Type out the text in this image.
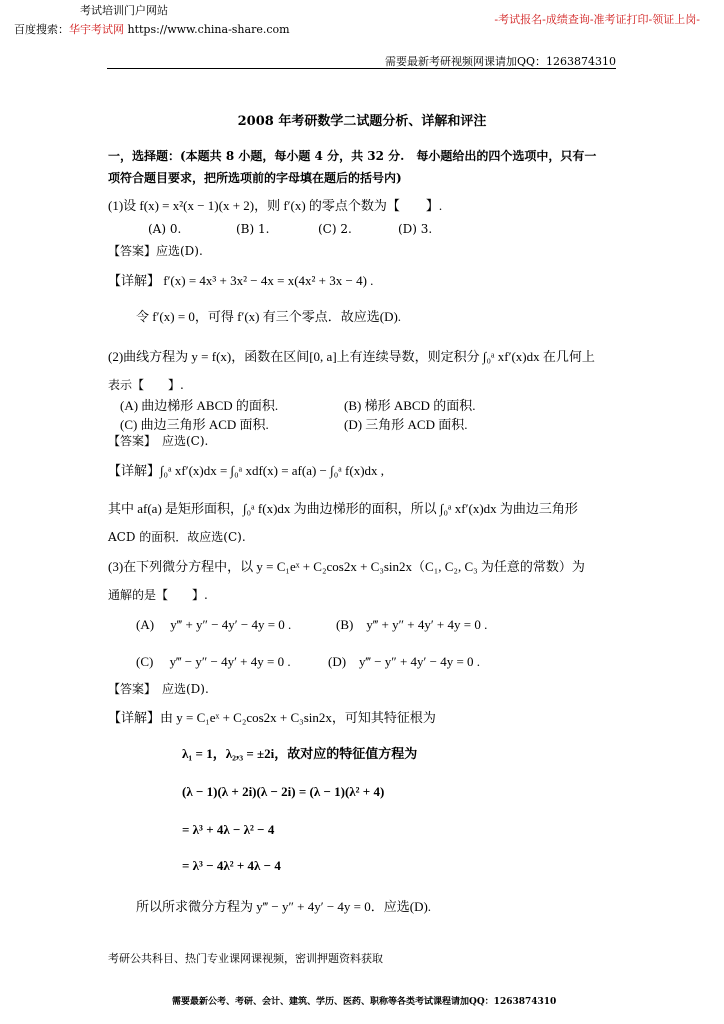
考试培训门户网站
百度搜索：华宇考试网 https://www.china-share.com
-考试报名-成绩查询-准考证打印-领证上岗-
需要最新考研视频网课请加QQ：1263874310
2008 年考研数学二试题分析、详解和评注
一，选择题：(本题共 8 小题，每小题 4 分，共 32 分.　每小题给出的四个选项中，只有一
项符合题目要求，把所选项前的字母填在题后的括号内)
(1)设 f(x) = x²(x − 1)(x + 2)，则 f′(x) 的零点个数为【　　】.
(A) 0.	(B) 1.	(C) 2.	(D) 3.
【答案】应选(D).
【详解】 f′(x) = 4x³ + 3x² − 4x = x(4x² + 3x − 4) .
令 f′(x) = 0，可得 f′(x) 有三个零点．故应选(D).
(2)曲线方程为 y = f(x)，函数在区间[0, a]上有连续导数，则定积分 ∫₀ᵃ xf′(x)dx 在几何上
表示【　　】.
(A) 曲边梯形 ABCD 的面积.	(B) 梯形 ABCD 的面积.
(C) 曲边三角形 ACD 面积.	(D) 三角形 ACD 面积.
【答案】　应选(C).
【详解】∫₀ᵃ xf′(x)dx = ∫₀ᵃ xdf(x) = af(a) − ∫₀ᵃ f(x)dx ,
其中 af(a) 是矩形面积，∫₀ᵃ f(x)dx 为曲边梯形的面积，所以 ∫₀ᵃ xf′(x)dx 为曲边三角形
ACD 的面积．故应选(C).
(3)在下列微分方程中，以 y = C₁eˣ + C₂cos2x + C₃sin2x（C₁, C₂, C₃ 为任意的常数）为
通解的是【　　】.
(A)　 y‴ + y″ − 4y′ − 4y = 0 .	(B)　y‴ + y″ + 4y′ + 4y = 0 .
(C)　 y‴ − y″ − 4y′ + 4y = 0 .	(D)　y‴ − y″ + 4y′ − 4y = 0 .
【答案】　应选(D).
【详解】由 y = C₁eˣ + C₂cos2x + C₃sin2x，可知其特征根为
λ₁ = 1，λ₂,₃ = ±2i，故对应的特征值方程为
(λ − 1)(λ + 2i)(λ − 2i) = (λ − 1)(λ² + 4)
= λ³ + 4λ − λ² − 4
= λ³ − 4λ² + 4λ − 4
所以所求微分方程为 y‴ − y″ + 4y′ − 4y = 0．应选(D).
考研公共科目、热门专业课网课视频，密训押题资料获取
需要最新公考、考研、会计、建筑、学历、医药、职称等各类考试课程请加QQ：1263874310
